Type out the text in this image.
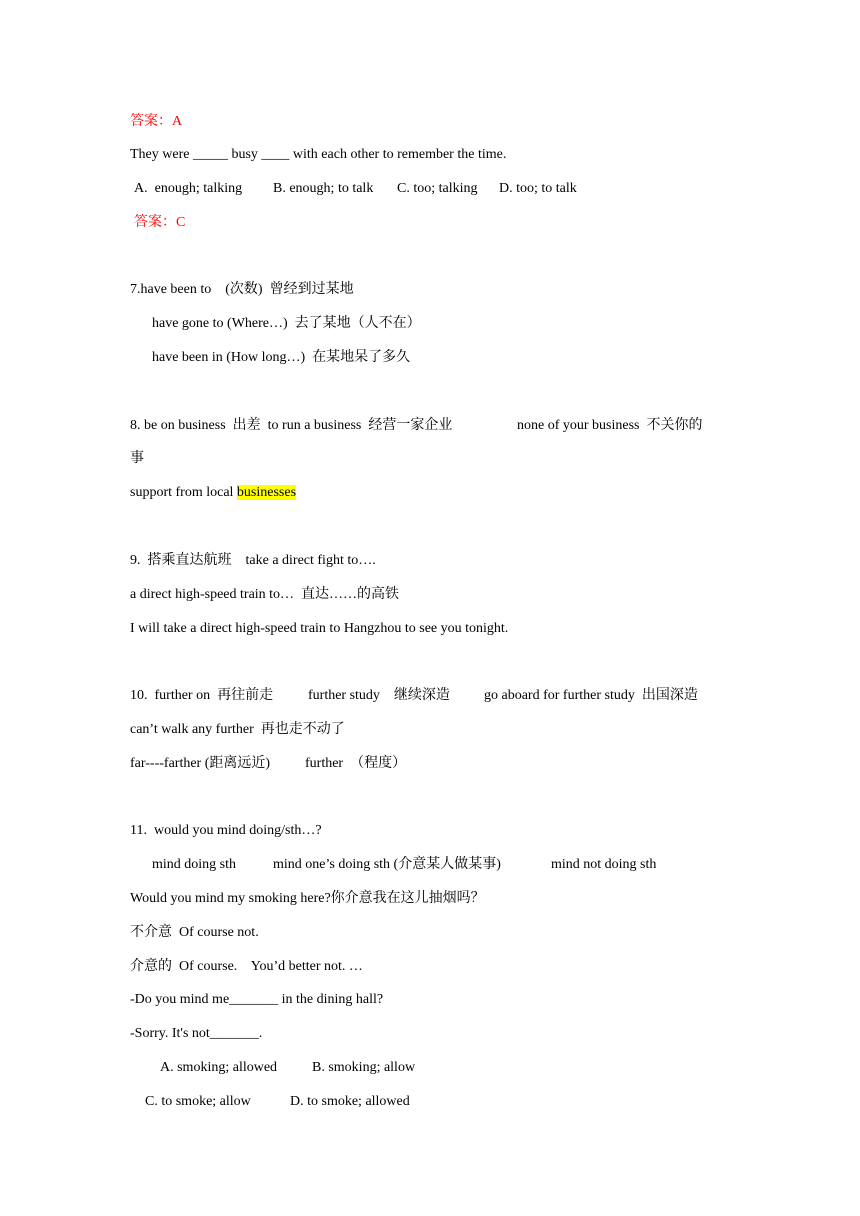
答案：A
They were _____ busy ____ with each other to remember the time.
A.  enough; talking B. enough; to talk C. too; talking D. too; to talk
答案：C
7.have been to    (次数)  曾经到过某地
have gone to (Where…)  去了某地（人不在）
have been in (How long…)  在某地呆了多久
8. be on business  出差  to run a business  经营一家企业	none of your business  不关你的
事
support from local businesses
9.  搭乘直达航班    take a direct fight to….
a direct high-speed train to…  直达……的高铁
I will take a direct high-speed train to Hangzhou to see you tonight.
10.  further on  再往前走 further study    继续深造 go aboard for further study  出国深造
can’t walk any further  再也走不动了
far----farther (距离远近) further  （程度）
11.  would you mind doing/sth…?
mind doing sth	mind one’s doing sth (介意某人做某事)	mind not doing sth
Would you mind my smoking here?你介意我在这儿抽烟吗？
不介意  Of course not.
介意的  Of course.    You’d better not. …
-Do you mind me_______ in the dining hall?
-Sorry. It's not_______.
A. smoking; allowed B. smoking; allow
C. to smoke; allow	D. to smoke; allowed
